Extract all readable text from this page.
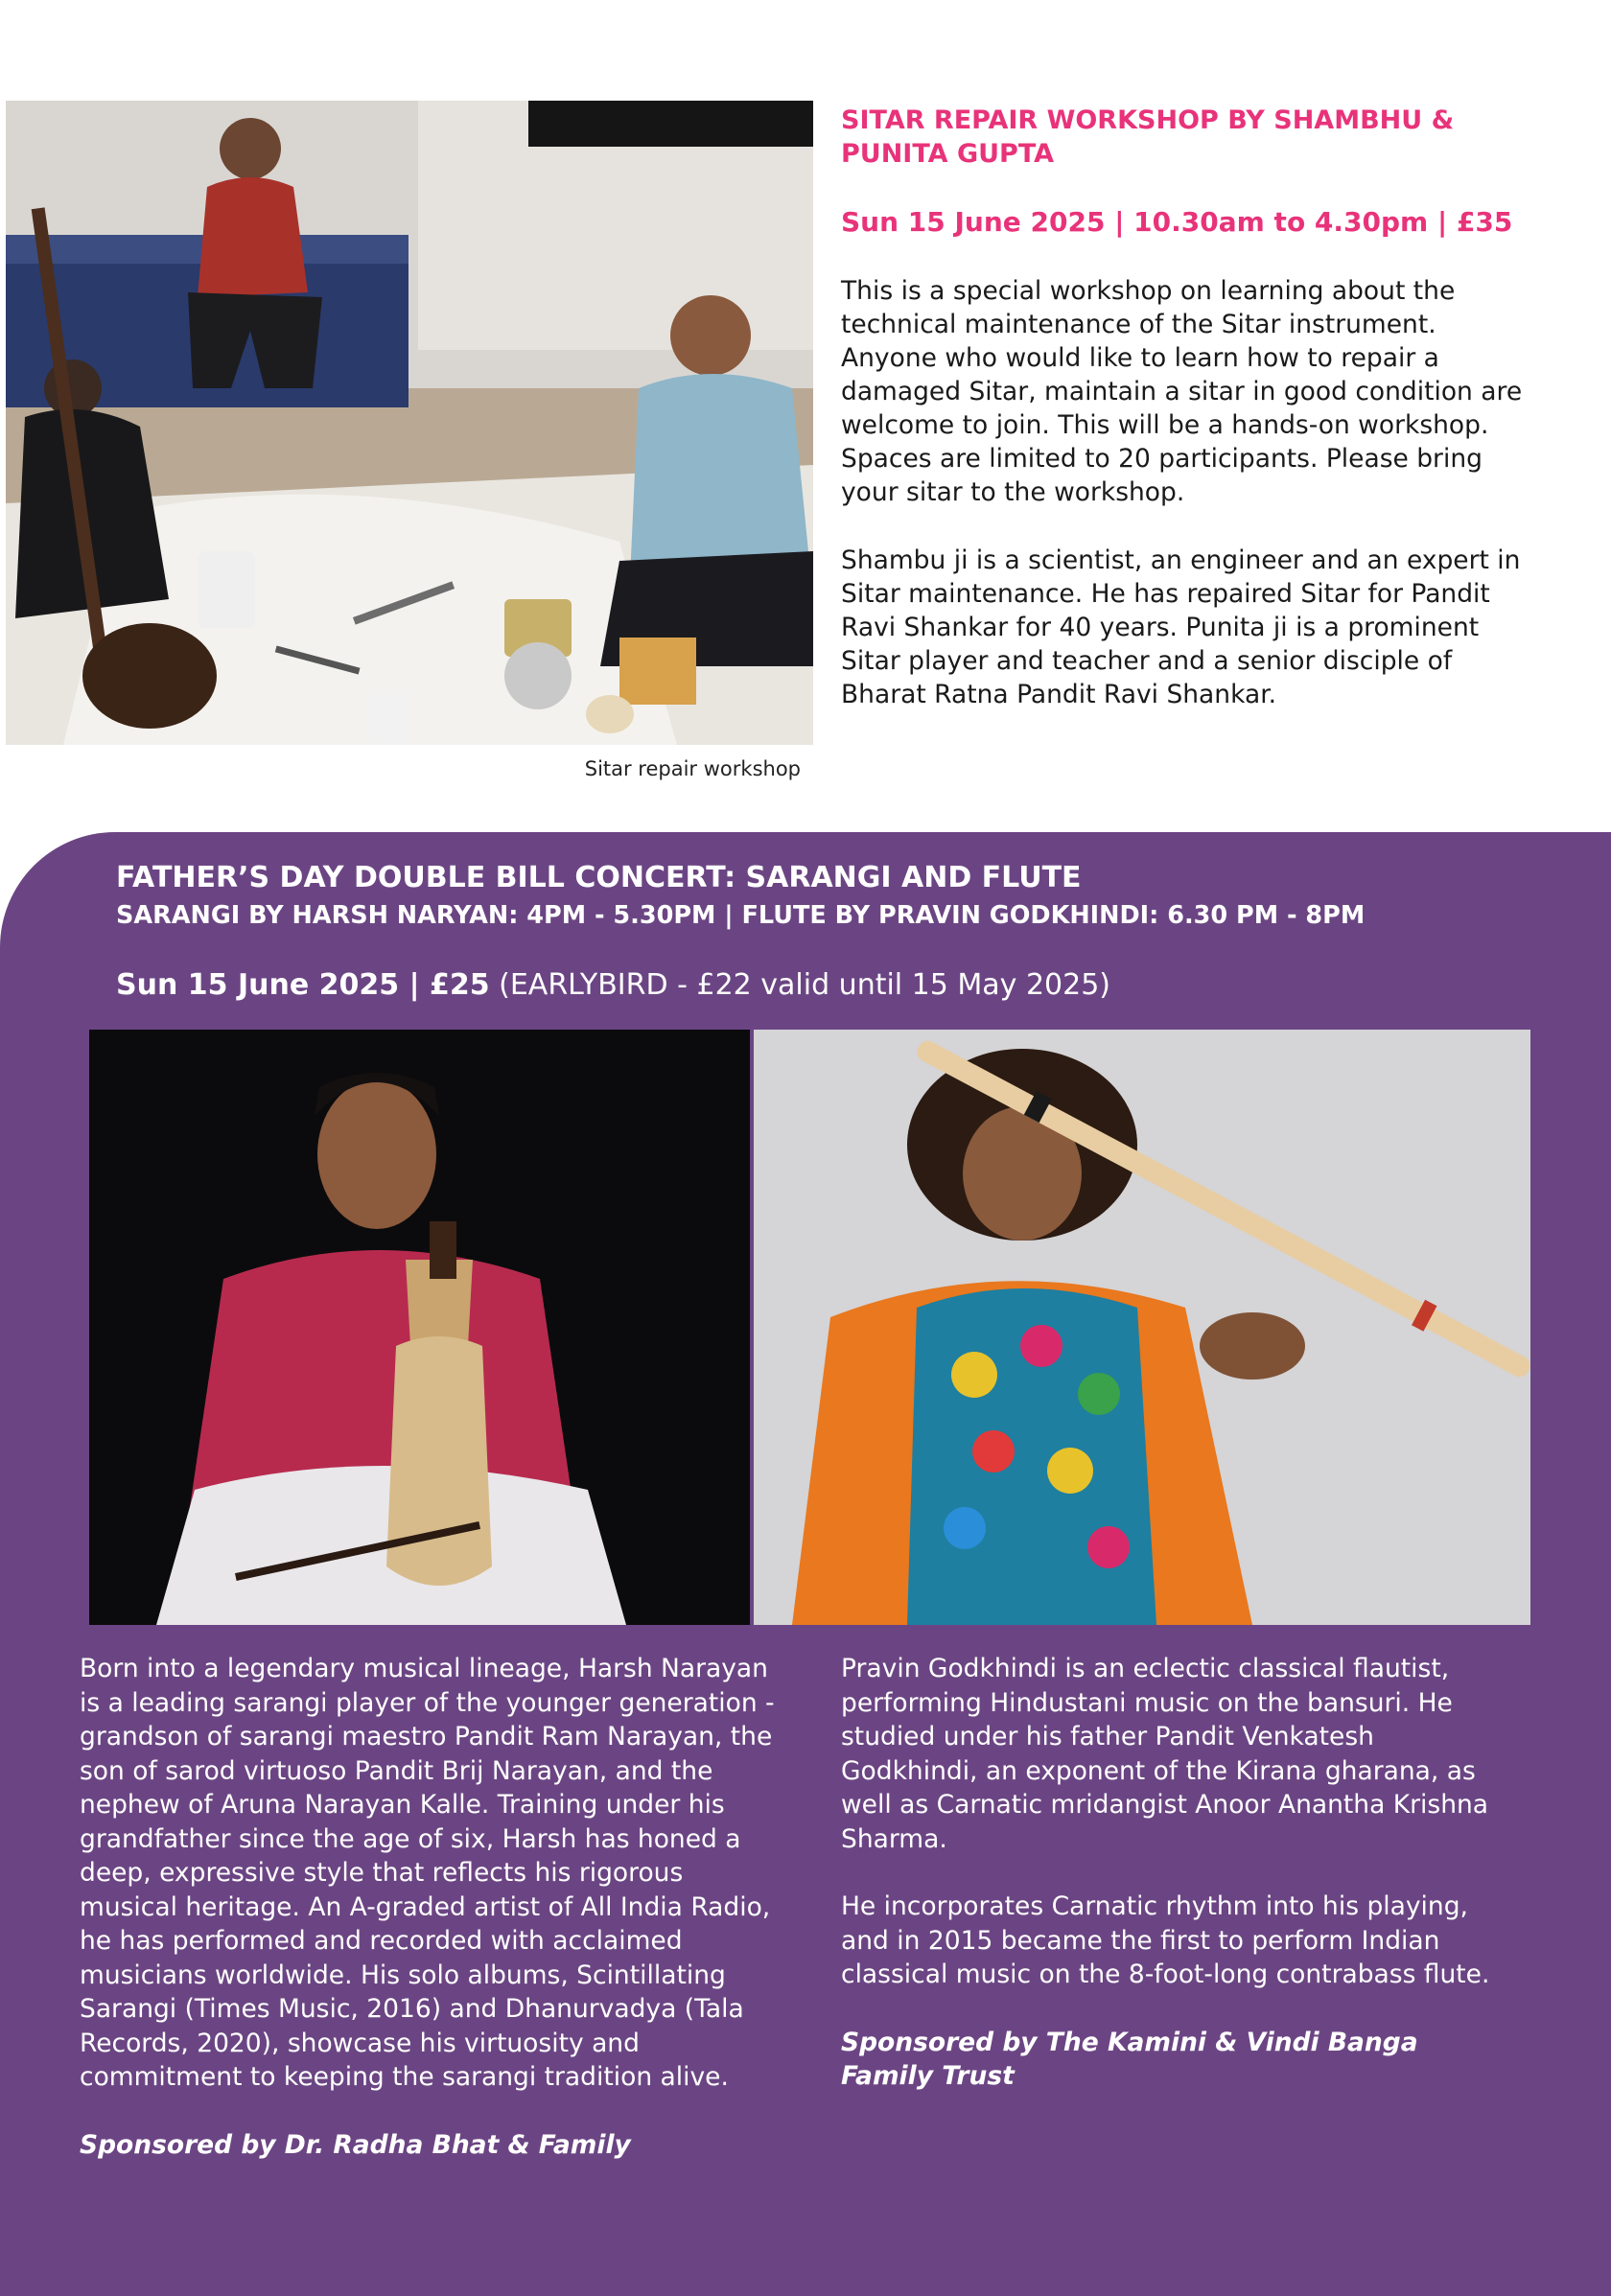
Sitar repair workshop
SITAR REPAIR WORKSHOP BY SHAMBHU & PUNITA GUPTA
Sun 15 June 2025 | 10.30am to 4.30pm | £35
This is a special workshop on learning about the technical maintenance of the Sitar instrument. Anyone who would like to learn how to repair a damaged Sitar, maintain a sitar in good condition are welcome to join. This will be a hands-on workshop. Spaces are limited to 20 participants. Please bring your sitar to the workshop.
Shambu ji is a scientist, an engineer and an expert in Sitar maintenance. He has repaired Sitar for Pandit Ravi Shankar for 40 years. Punita ji is a prominent Sitar player and teacher and a senior disciple of Bharat Ratna Pandit Ravi Shankar.
FATHER’S DAY DOUBLE BILL CONCERT: SARANGI AND FLUTE
SARANGI BY HARSH NARYAN: 4PM - 5.30PM | FLUTE BY PRAVIN GODKHINDI: 6.30 PM - 8PM
Sun 15 June 2025 | £25 (EARLYBIRD - £22 valid until 15 May 2025)

Born into a legendary musical lineage, Harsh Narayan is a leading sarangi player of the younger generation - grandson of sarangi maestro Pandit Ram Narayan, the son of sarod virtuoso Pandit Brij Narayan, and the nephew of Aruna Narayan Kalle. Training under his grandfather since the age of six, Harsh has honed a deep, expressive style that reflects his rigorous musical heritage. An A-graded artist of All India Radio, he has performed and recorded with acclaimed musicians worldwide. His solo albums, Scintillating Sarangi (Times Music, 2016) and Dhanurvadya (Tala Records, 2020), showcase his virtuosity and commitment to keeping the sarangi tradition alive.

Sponsored by Dr. Radha Bhat & Family

Pravin Godkhindi is an eclectic classical flautist, performing Hindustani music on the bansuri. He studied under his father Pandit Venkatesh Godkhindi, an exponent of the Kirana gharana, as well as Carnatic mridangist Anoor Anantha Krishna Sharma.

He incorporates Carnatic rhythm into his playing, and in 2015 became the first to perform Indian classical music on the 8-foot-long contrabass flute.

Sponsored by The Kamini & Vindi Banga Family Trust
